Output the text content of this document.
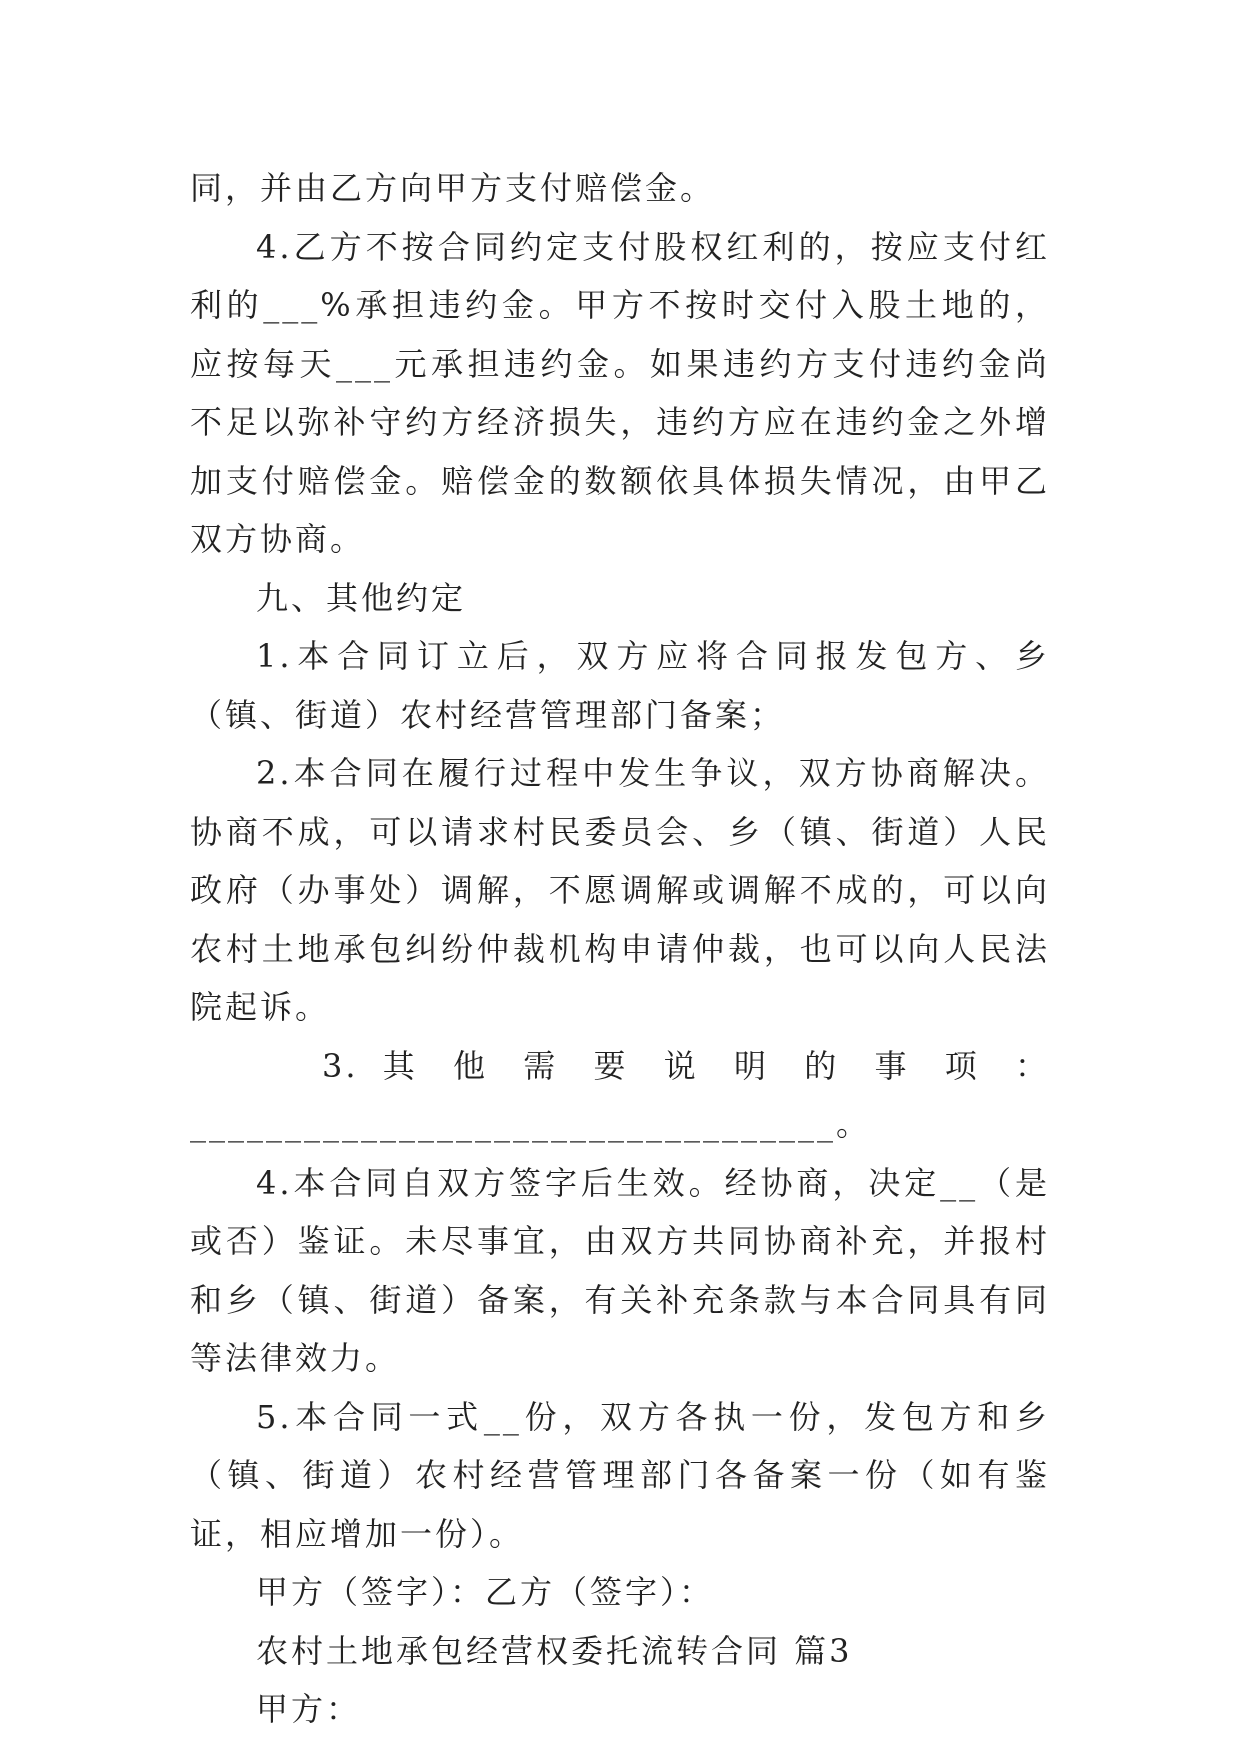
同，并由乙方向甲方支付赔偿金。

4.乙方不按合同约定支付股权红利的，按应支付红利的___%承担违约金。甲方不按时交付入股土地的，应按每天___元承担违约金。如果违约方支付违约金尚不足以弥补守约方经济损失，违约方应在违约金之外增加支付赔偿金。赔偿金的数额依具体损失情况，由甲乙双方协商。

九、其他约定

1.本合同订立后，双方应将合同报发包方、乡（镇、街道）农村经营管理部门备案；

2.本合同在履行过程中发生争议，双方协商解决。协商不成，可以请求村民委员会、乡（镇、街道）人民政府（办事处）调解，不愿调解或调解不成的，可以向农村土地承包纠纷仲裁机构申请仲裁，也可以向人民法院起诉。

3. 其 他 需 要 说 明 的 事 项 ：

__________________________________。

4.本合同自双方签字后生效。经协商，决定__（是或否）鉴证。未尽事宜，由双方共同协商补充，并报村和乡（镇、街道）备案，有关补充条款与本合同具有同等法律效力。

5.本合同一式__份，双方各执一份，发包方和乡（镇、街道）农村经营管理部门各备案一份（如有鉴证，相应增加一份）。

甲方（签字）：乙方（签字）：

农村土地承包经营权委托流转合同 篇3

甲方：
